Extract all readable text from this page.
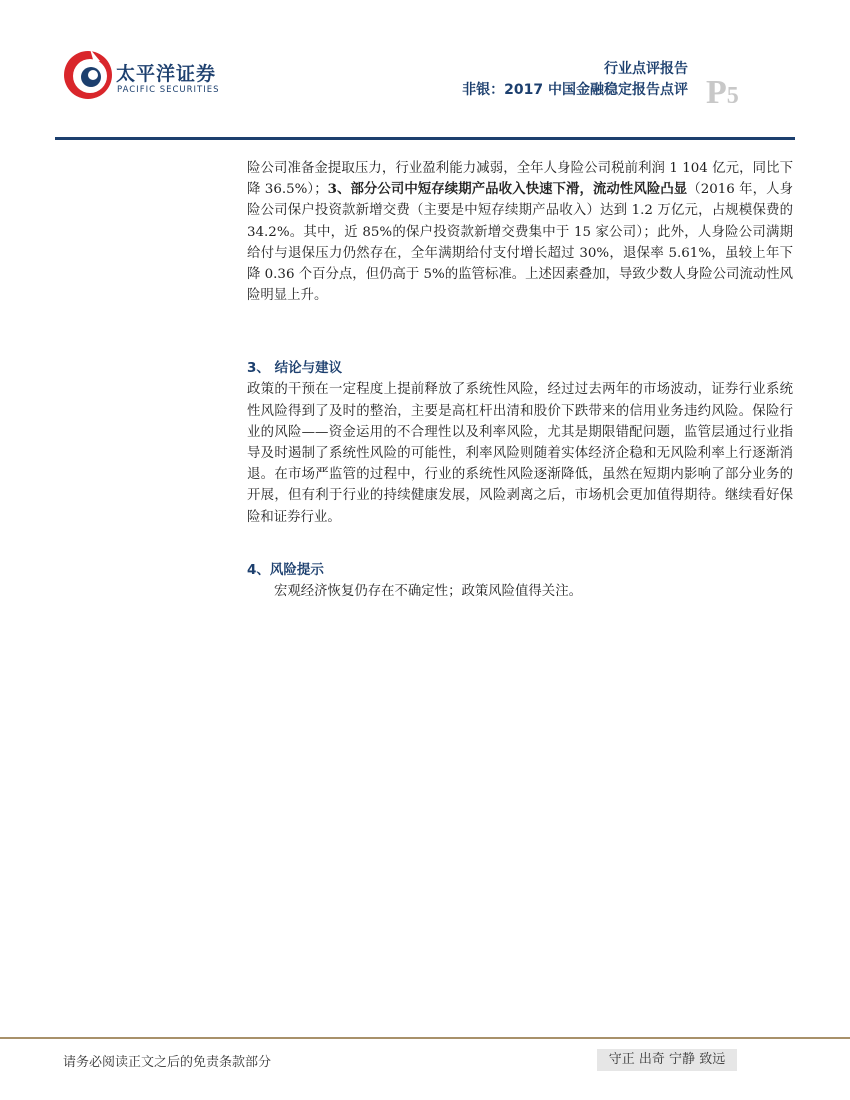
太平洋证券
PACIFIC SECURITIES
行业点评报告
非银：2017 中国金融稳定报告点评 P5

险公司准备金提取压力，行业盈利能力减弱，全年人身险公司税前利润 1 104 亿元，同比下降 36.5%）；3、部分公司中短存续期产品收入快速下滑，流动性风险凸显（2016 年，人身险公司保户投资款新增交费（主要是中短存续期产品收入）达到 1.2 万亿元，占规模保费的 34.2%。其中，近 85%的保户投资款新增交费集中于 15 家公司）；此外，人身险公司满期给付与退保压力仍然存在，全年满期给付支付增长超过 30%，退保率 5.61%，虽较上年下降 0.36 个百分点，但仍高于 5%的监管标准。上述因素叠加，导致少数人身险公司流动性风险明显上升。

3、 结论与建议

政策的干预在一定程度上提前释放了系统性风险，经过过去两年的市场波动，证券行业系统性风险得到了及时的整治，主要是高杠杆出清和股价下跌带来的信用业务违约风险。保险行业的风险——资金运用的不合理性以及利率风险，尤其是期限错配问题，监管层通过行业指导及时遏制了系统性风险的可能性，利率风险则随着实体经济企稳和无风险利率上行逐渐消退。在市场严监管的过程中，行业的系统性风险逐渐降低，虽然在短期内影响了部分业务的开展，但有利于行业的持续健康发展，风险剥离之后，市场机会更加值得期待。继续看好保险和证券行业。

4、风险提示

宏观经济恢复仍存在不确定性；政策风险值得关注。

请务必阅读正文之后的免责条款部分	守正 出奇 宁静 致远
